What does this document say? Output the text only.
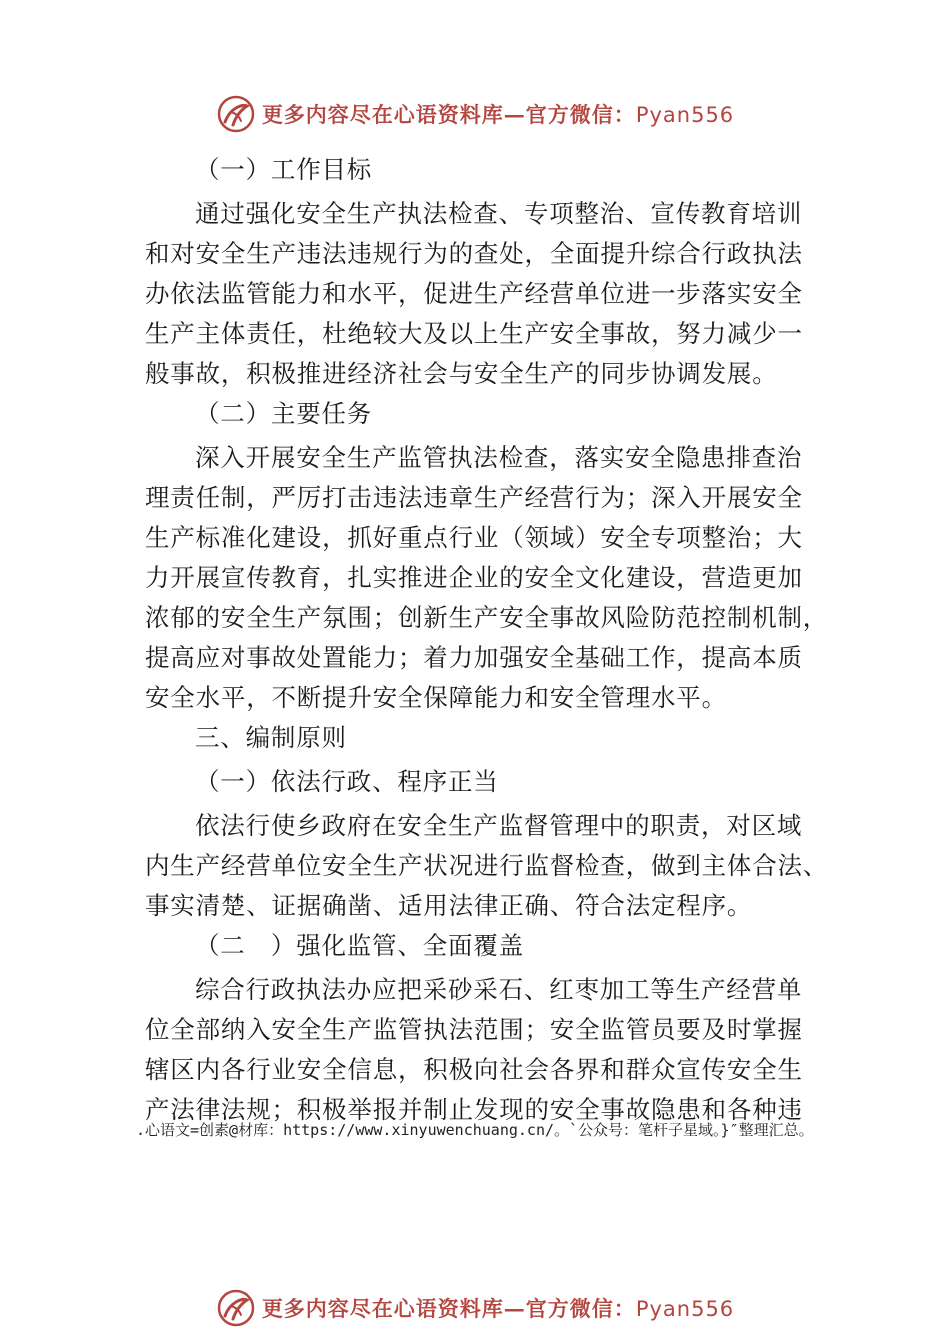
更多内容尽在心语资料库—官方微信：Pyan556
（一）工作目标
通过强化安全生产执法检查、专项整治、宣传教育培训
和对安全生产违法违规行为的查处，全面提升综合行政执法
办依法监管能力和水平，促进生产经营单位进一步落实安全
生产主体责任，杜绝较大及以上生产安全事故，努力减少一
般事故，积极推进经济社会与安全生产的同步协调发展。
（二）主要任务
深入开展安全生产监管执法检查，落实安全隐患排查治
理责任制，严厉打击违法违章生产经营行为；深入开展安全
生产标准化建设，抓好重点行业（领域）安全专项整治；大
力开展宣传教育，扎实推进企业的安全文化建设，营造更加
浓郁的安全生产氛围；创新生产安全事故风险防范控制机制，
提高应对事故处置能力；着力加强安全基础工作，提高本质
安全水平，不断提升安全保障能力和安全管理水平。
三、编制原则
（一）依法行政、程序正当
依法行使乡政府在安全生产监督管理中的职责，对区域
内生产经营单位安全生产状况进行监督检查，做到主体合法、
事实清楚、证据确凿、适用法律正确、符合法定程序。
（二　）强化监管、全面覆盖
综合行政执法办应把采砂采石、红枣加工等生产经营单
位全部纳入安全生产监管执法范围；安全监管员要及时掌握
辖区内各行业安全信息，积极向社会各界和群众宣传安全生
产法律法规；积极举报并制止发现的安全事故隐患和各种违
.心语文=创素@材库：https://www.xinyuwenchuang.cn/。`公众号：笔杆子星域。}″整理汇总。
更多内容尽在心语资料库—官方微信：Pyan556
